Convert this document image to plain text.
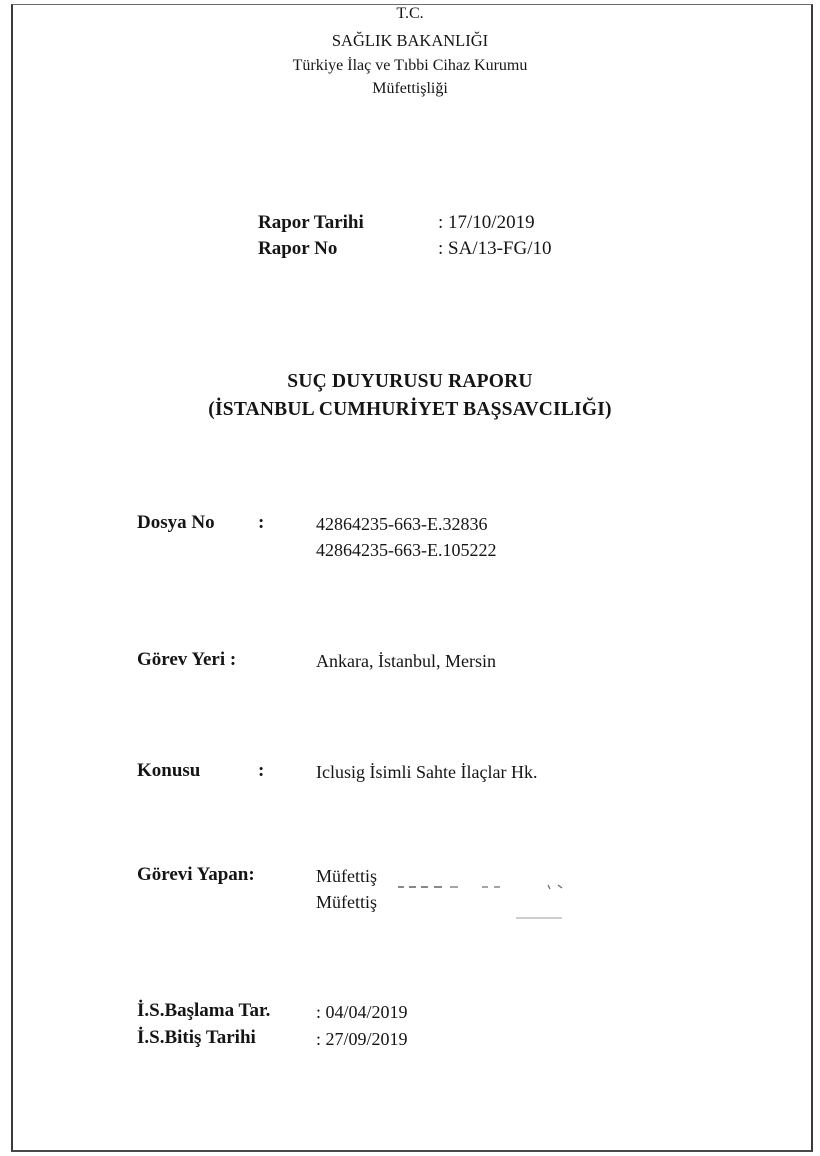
T.C.
SAĞLIK BAKANLIĞI
Türkiye İlaç ve Tıbbi Cihaz Kurumu
Müfettişliği
Rapor Tarihi	: 17/10/2019
Rapor No	: SA/13-FG/10
SUÇ DUYURUSU RAPORU
(İSTANBUL CUMHURİYET BAŞSAVCILIĞI)
Dosya No :	42864235-663-E.32836
42864235-663-E.105222
Görev Yeri :	Ankara, İstanbul, Mersin
Konusu	:	Iclusig İsimli Sahte İlaçlar Hk.
Görevi Yapan:	Müfettiş
Müfettiş
İ.S.Başlama Tar.	: 04/04/2019
İ.S.Bitiş Tarihi	: 27/09/2019
